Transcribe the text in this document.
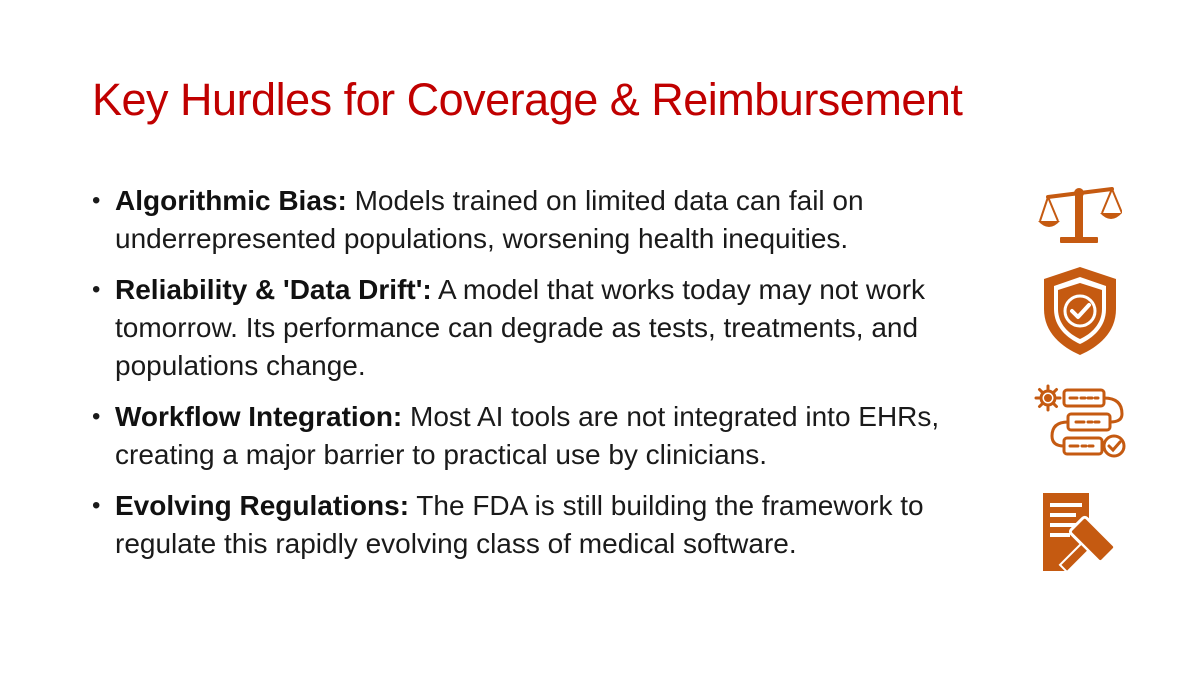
Key Hurdles for Coverage & Reimbursement
• Algorithmic Bias: Models trained on limited data can fail on underrepresented populations, worsening health inequities.
• Reliability & 'Data Drift': A model that works today may not work tomorrow. Its performance can degrade as tests, treatments, and populations change.
• Workflow Integration: Most AI tools are not integrated into EHRs, creating a major barrier to practical use by clinicians.
• Evolving Regulations: The FDA is still building the framework to regulate this rapidly evolving class of medical software.
